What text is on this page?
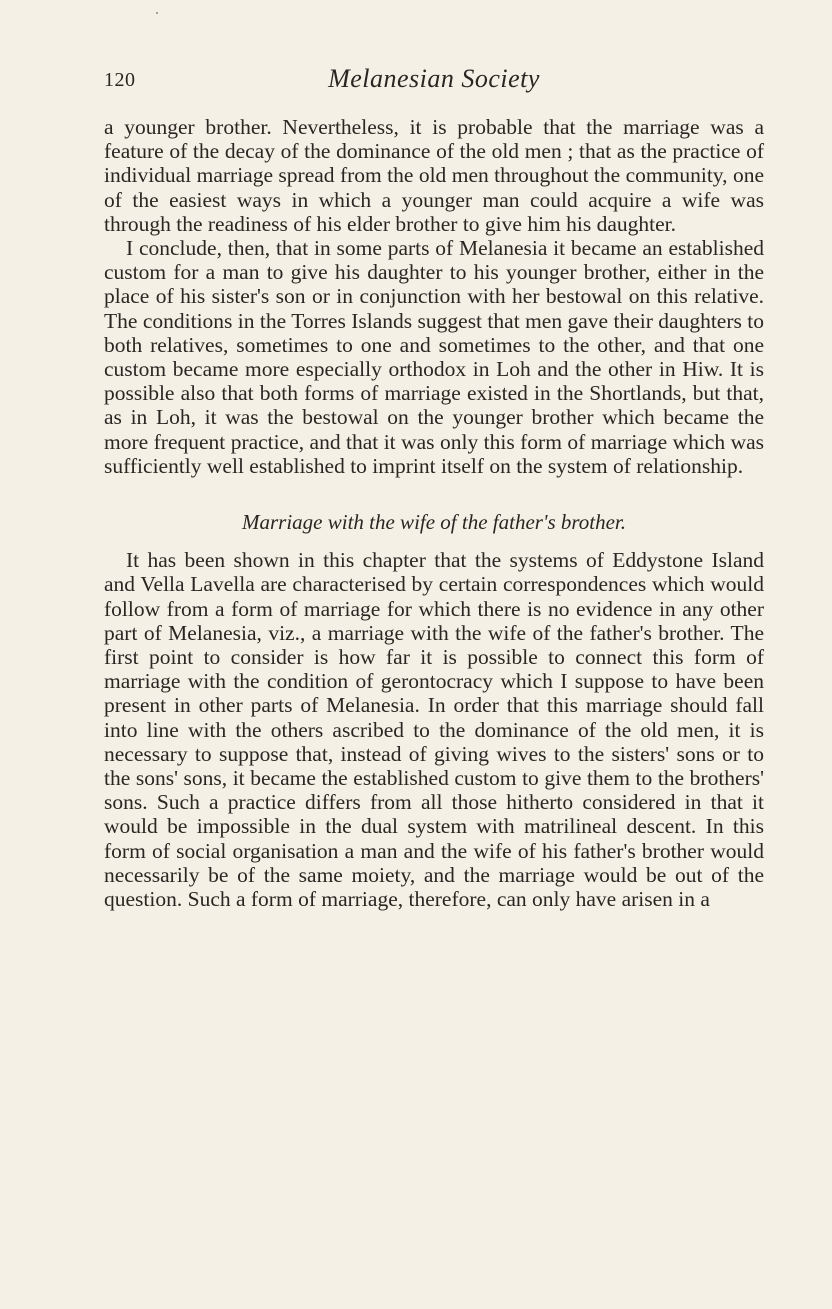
120	Melanesian Society

a younger brother. Nevertheless, it is probable that the marriage was a feature of the decay of the dominance of the old men ; that as the practice of individual marriage spread from the old men throughout the community, one of the easiest ways in which a younger man could acquire a wife was through the readiness of his elder brother to give him his daughter.

I conclude, then, that in some parts of Melanesia it became an established custom for a man to give his daughter to his younger brother, either in the place of his sister's son or in conjunction with her bestowal on this relative. The conditions in the Torres Islands suggest that men gave their daughters to both relatives, sometimes to one and sometimes to the other, and that one custom became more especially orthodox in Loh and the other in Hiw. It is possible also that both forms of marriage existed in the Shortlands, but that, as in Loh, it was the bestowal on the younger brother which became the more frequent practice, and that it was only this form of marriage which was sufficiently well established to imprint itself on the system of relationship.

Marriage with the wife of the father's brother.

It has been shown in this chapter that the systems of Eddystone Island and Vella Lavella are characterised by certain correspondences which would follow from a form of marriage for which there is no evidence in any other part of Melanesia, viz., a marriage with the wife of the father's brother. The first point to consider is how far it is possible to connect this form of marriage with the condition of gerontocracy which I suppose to have been present in other parts of Melanesia. In order that this marriage should fall into line with the others ascribed to the dominance of the old men, it is necessary to suppose that, instead of giving wives to the sisters' sons or to the sons' sons, it became the established custom to give them to the brothers' sons. Such a practice differs from all those hitherto considered in that it would be impossible in the dual system with matrilineal descent. In this form of social organisation a man and the wife of his father's brother would necessarily be of the same moiety, and the marriage would be out of the question. Such a form of marriage, therefore, can only have arisen in a
